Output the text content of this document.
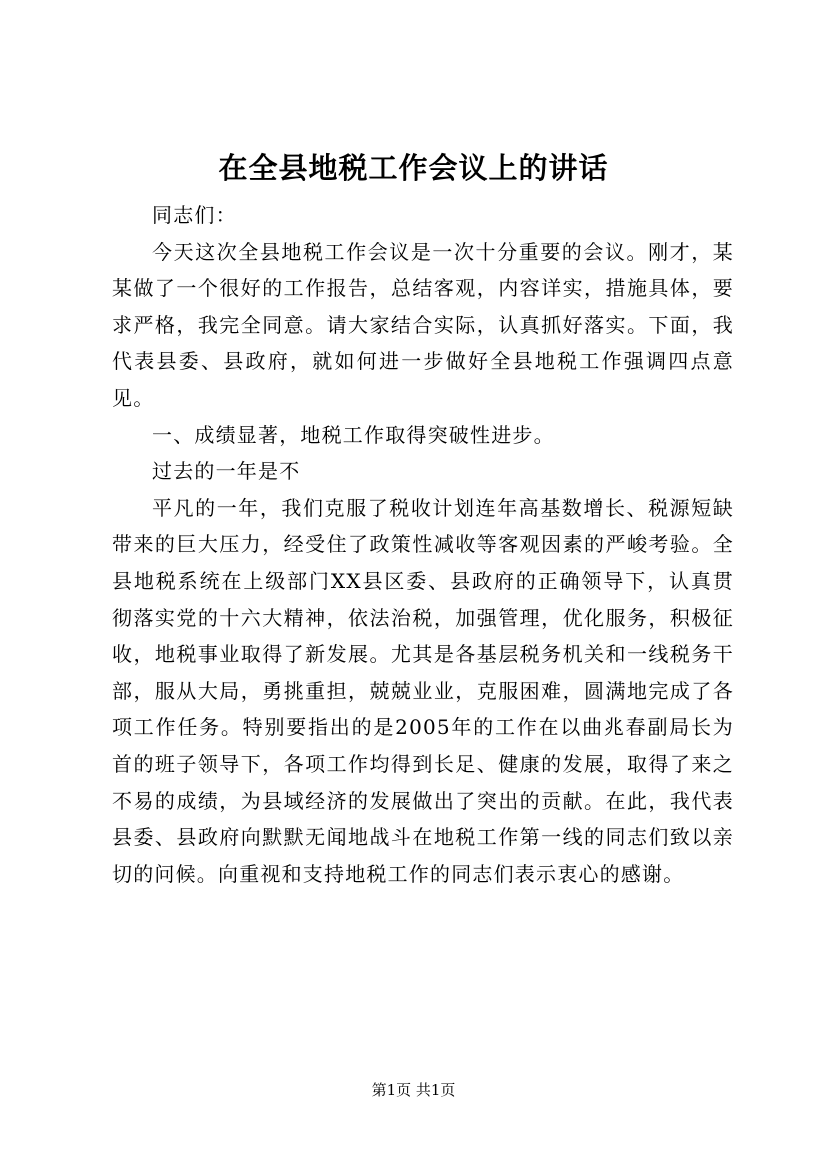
在全县地税工作会议上的讲话

同志们：

今天这次全县地税工作会议是一次十分重要的会议。刚才，某某做了一个很好的工作报告，总结客观，内容详实，措施具体，要求严格，我完全同意。请大家结合实际，认真抓好落实。下面，我代表县委、县政府，就如何进一步做好全县地税工作强调四点意见。

一、成绩显著，地税工作取得突破性进步。

过去的一年是不

平凡的一年，我们克服了税收计划连年高基数增长、税源短缺带来的巨大压力，经受住了政策性减收等客观因素的严峻考验。全县地税系统在上级部门XX县区委、县政府的正确领导下，认真贯彻落实党的十六大精神，依法治税，加强管理，优化服务，积极征收，地税事业取得了新发展。尤其是各基层税务机关和一线税务干部，服从大局，勇挑重担，兢兢业业，克服困难，圆满地完成了各项工作任务。特别要指出的是2005年的工作在以曲兆春副局长为首的班子领导下，各项工作均得到长足、健康的发展，取得了来之不易的成绩，为县域经济的发展做出了突出的贡献。在此，我代表县委、县政府向默默无闻地战斗在地税工作第一线的同志们致以亲切的问候。向重视和支持地税工作的同志们表示衷心的感谢。

第1页 共1页
